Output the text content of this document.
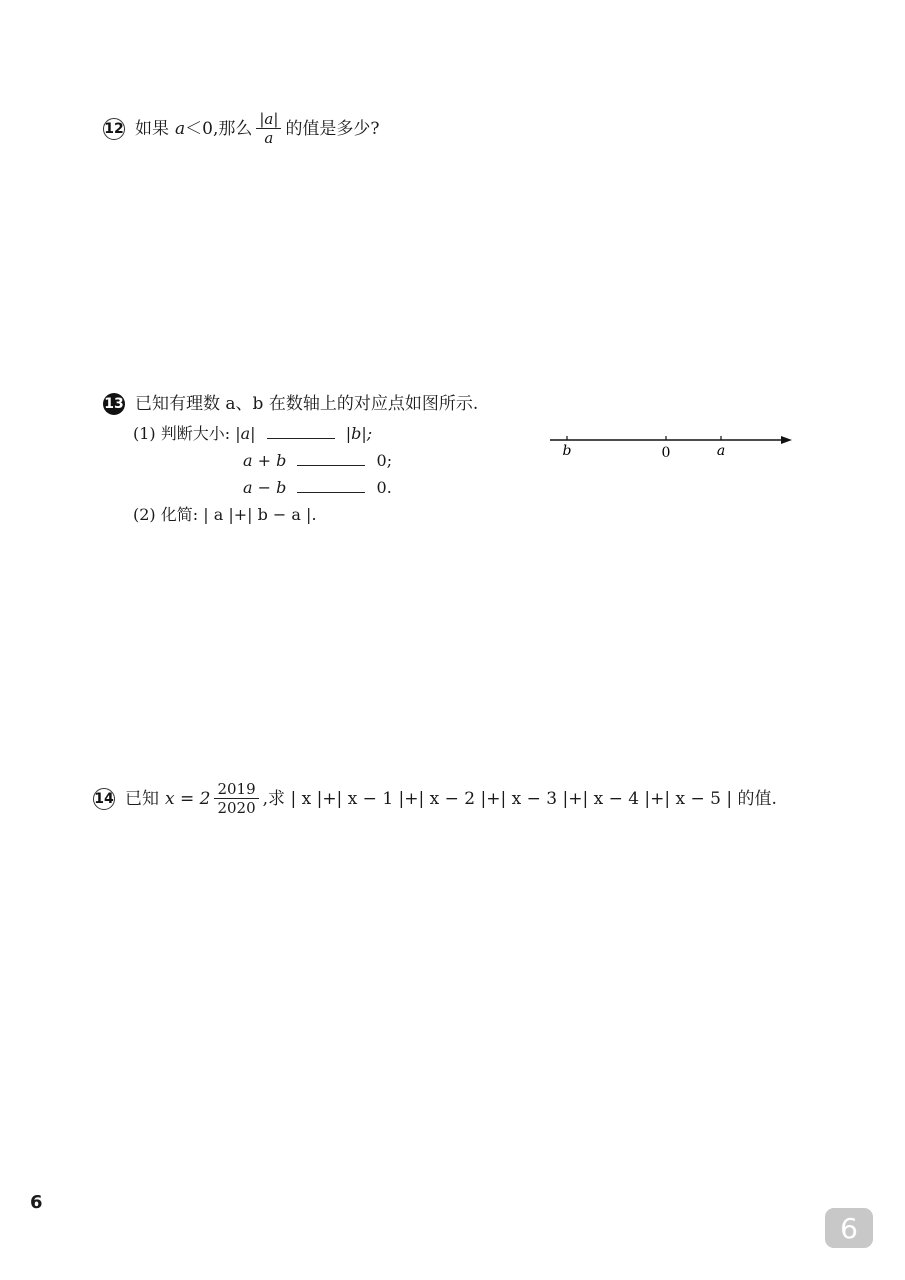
12 如果 a ＜0,那么 $\frac{|a|}{a}$ 的值是多少?
13 已知有理数 a、b 在数轴上的对应点如图所示.
(1) 判断大小: |a|	|b|;
a + b	0;
a − b	0.
(2) 化简: | a |+| b − a |.
b	0	a
14 已知 $x = 2 \frac{2019}{2020}$ ,求 | x |+| x − 1 |+| x − 2 |+| x − 3 |+| x − 4 |+| x − 5 | 的值.
6
6
